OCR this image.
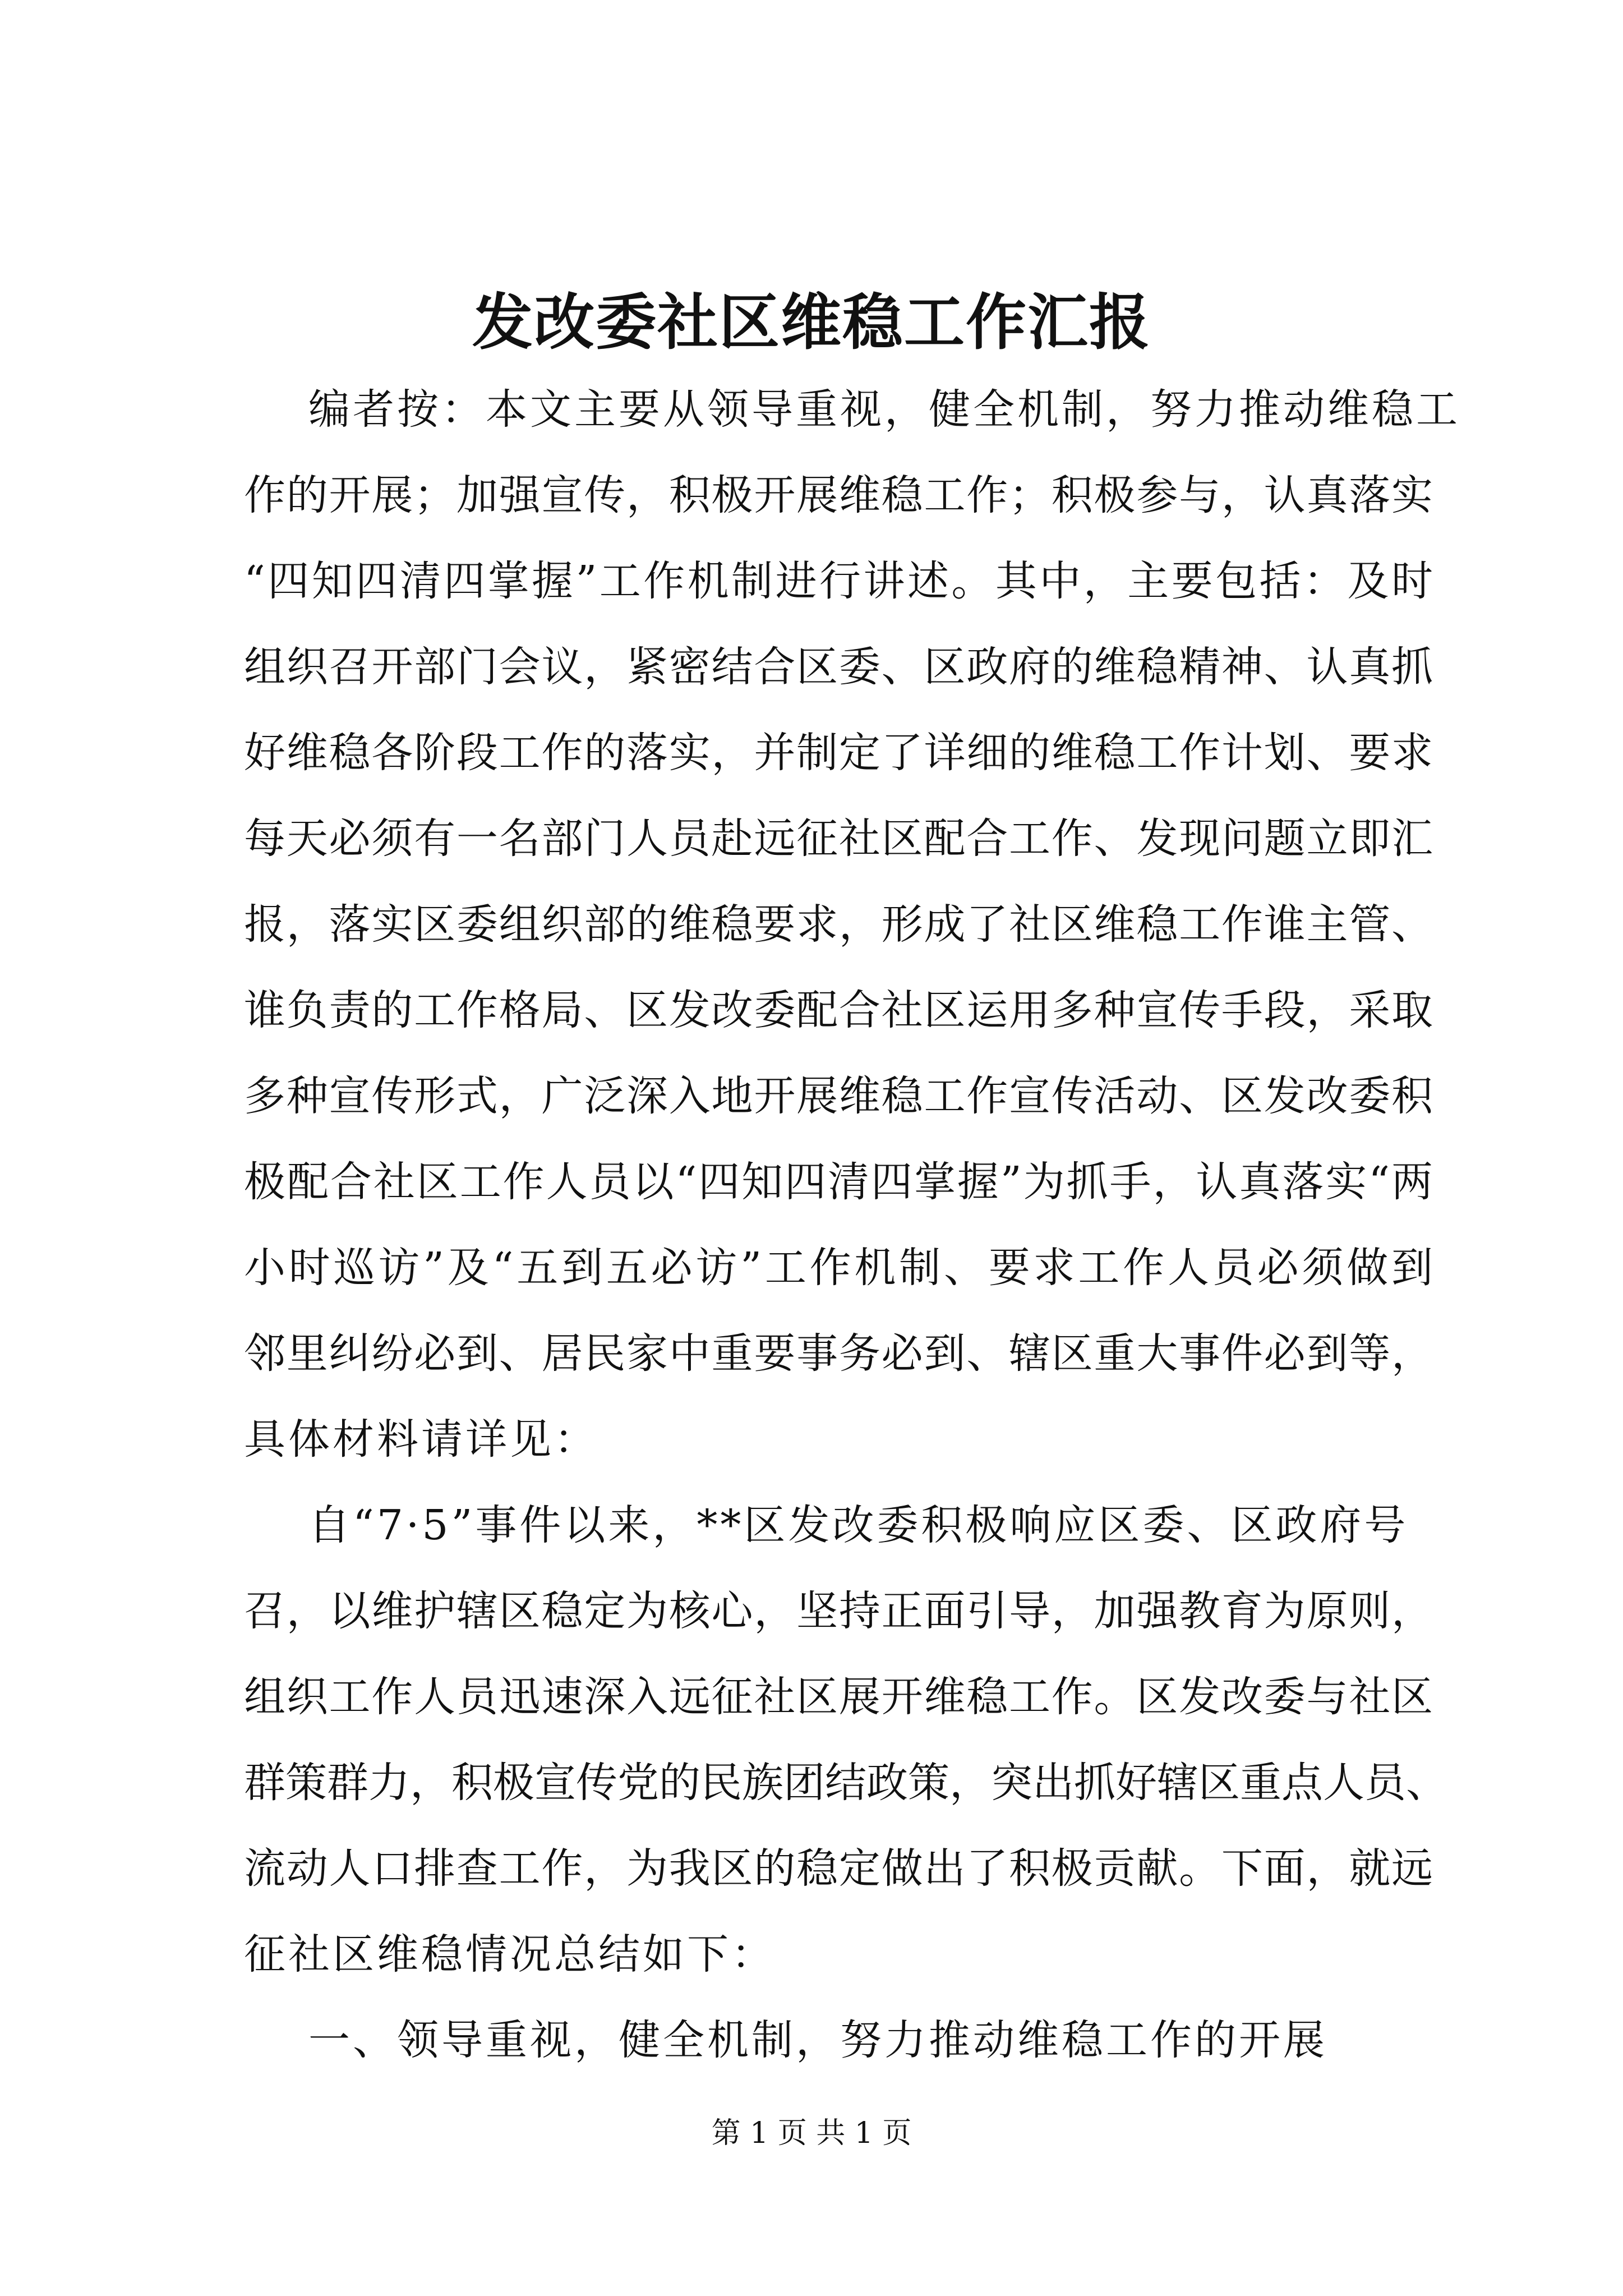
发改委社区维稳工作汇报
编者按：本文主要从领导重视，健全机制，努力推动维稳工
作的开展；加强宣传，积极开展维稳工作；积极参与，认真落实
“四知四清四掌握”工作机制进行讲述。其中，主要包括：及时
组织召开部门会议，紧密结合区委、区政府的维稳精神、认真抓
好维稳各阶段工作的落实，并制定了详细的维稳工作计划、要求
每天必须有一名部门人员赴远征社区配合工作、发现问题立即汇
报，落实区委组织部的维稳要求，形成了社区维稳工作谁主管、
谁负责的工作格局、区发改委配合社区运用多种宣传手段，采取
多种宣传形式，广泛深入地开展维稳工作宣传活动、区发改委积
极配合社区工作人员以“四知四清四掌握”为抓手，认真落实“两
小时巡访”及“五到五必访”工作机制、要求工作人员必须做到
邻里纠纷必到、居民家中重要事务必到、辖区重大事件必到等，
具体材料请详见：
自“7·5”事件以来，**区发改委积极响应区委、区政府号
召，以维护辖区稳定为核心，坚持正面引导，加强教育为原则，
组织工作人员迅速深入远征社区展开维稳工作。区发改委与社区
群策群力，积极宣传党的民族团结政策，突出抓好辖区重点人员、
流动人口排查工作，为我区的稳定做出了积极贡献。下面，就远
征社区维稳情况总结如下：
一、领导重视，健全机制，努力推动维稳工作的开展
第 1 页 共 1 页
